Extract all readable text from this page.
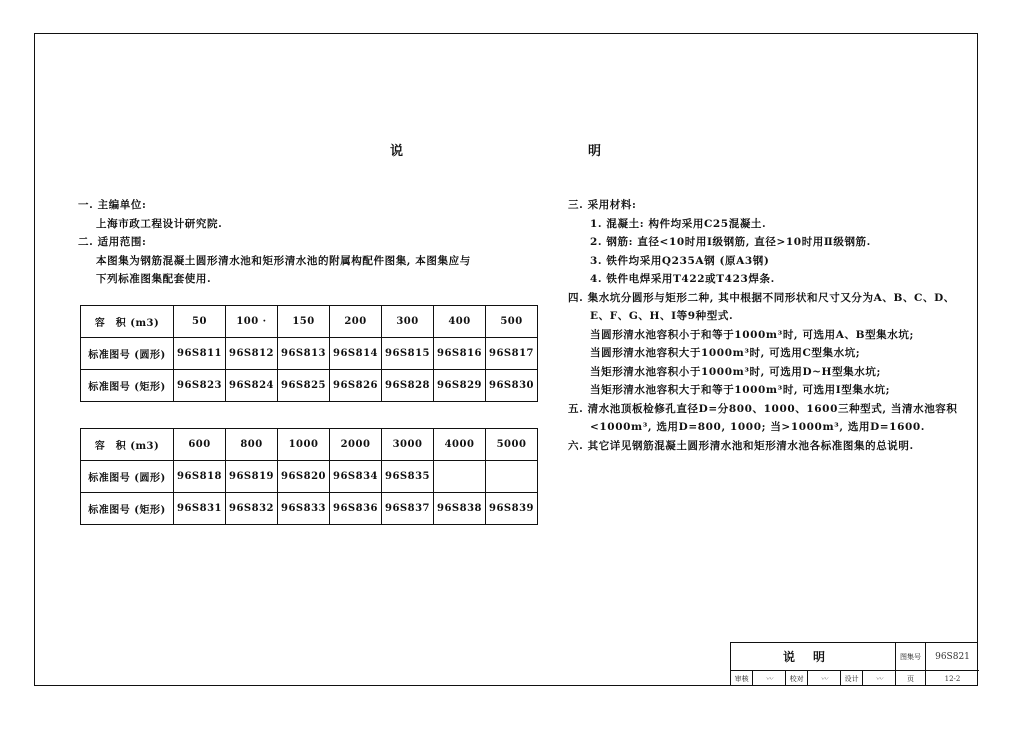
说	明
一. 主编单位:
上海市政工程设计研究院.
二. 适用范围:
本图集为钢筋混凝土圆形清水池和矩形清水池的附属构配件图集, 本图集应与
下列标准图集配套使用.
容　积 (m3)	50	100 ·	150	200	300	400	500
标准图号 (圆形)	96S811	96S812	96S813	96S814	96S815	96S816	96S817
标准图号 (矩形)	96S823	96S824	96S825	96S826	96S828	96S829	96S830
容　积 (m3)	600	800	1000	2000	3000	4000	5000
标准图号 (圆形)	96S818	96S819	96S820	96S834	96S835		
标准图号 (矩形)	96S831	96S832	96S833	96S836	96S837	96S838	96S839
三. 采用材料:
1. 混凝土: 构件均采用C25混凝土.
2. 钢筋: 直径<10时用Ⅰ级钢筋, 直径>10时用Ⅱ级钢筋.
3. 铁件均采用Q235A钢 (原A3钢)
4. 铁件电焊采用T422或T423焊条.
四. 集水坑分圆形与矩形二种, 其中根据不同形状和尺寸又分为A、B、C、D、
E、F、G、H、I等9种型式.
当圆形清水池容积小于和等于1000m³时, 可选用A、B型集水坑;
当圆形清水池容积大于1000m³时, 可选用C型集水坑;
当矩形清水池容积小于1000m³时, 可选用D~H型集水坑;
当矩形清水池容积大于和等于1000m³时, 可选用Ⅰ型集水坑;
五. 清水池顶板检修孔直径D=分800、1000、1600三种型式, 当清水池容积
<1000m³, 选用D=800, 1000; 当>1000m³, 选用D=1600.
六. 其它详见钢筋混凝土圆形清水池和矩形清水池各标准图集的总说明.
说明	图集号	96S821
审核	〰	校对	〰	设计	〰	页	12-2
